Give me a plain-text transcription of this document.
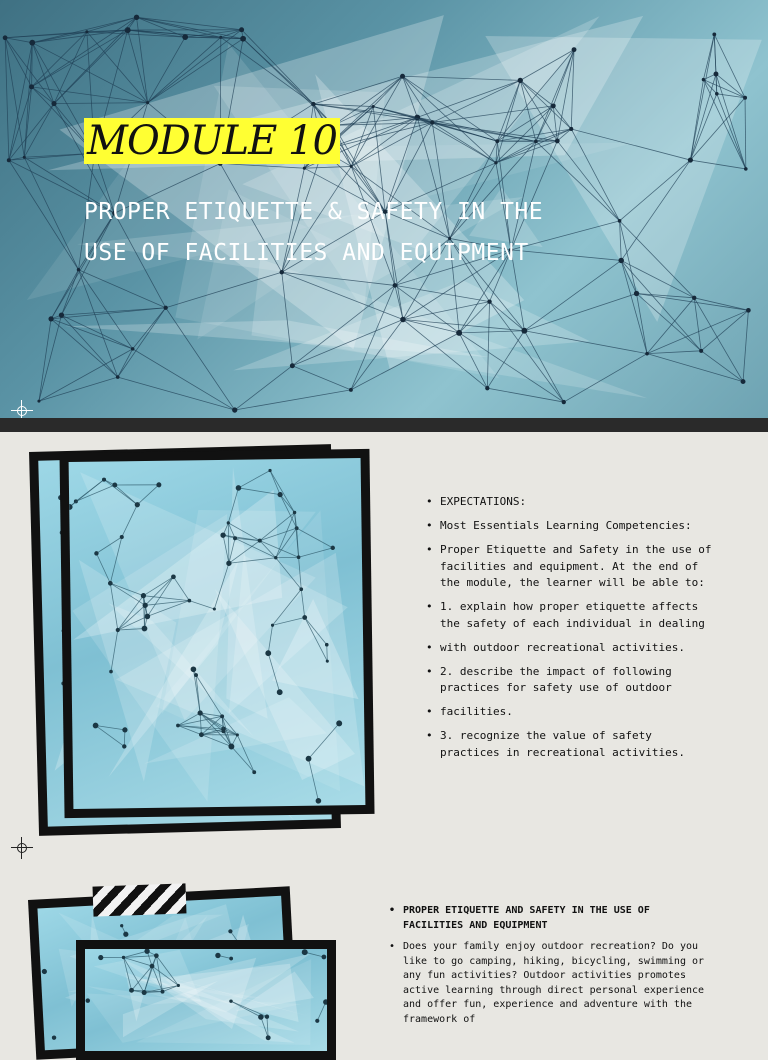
MODULE 10
PROPER ETIQUETTE & SAFETY IN THE
USE OF FACILITIES AND EQUIPMENT
• EXPECTATIONS:
• Most Essentials Learning Competencies:
• Proper Etiquette and Safety in the use of facilities and equipment. At the end of the module, the learner will be able to:
• 1. explain how proper etiquette affects the safety of each individual in dealing
• with outdoor recreational activities.
• 2. describe the impact of following practices for safety use of outdoor
• facilities.
• 3. recognize the value of safety practices in recreational activities.
• PROPER ETIQUETTE AND SAFETY IN THE USE OF FACILITIES AND EQUIPMENT
• Does your family enjoy outdoor recreation? Do you like to go camping, hiking, bicycling, swimming or any fun activities? Outdoor activities promotes active learning through direct personal experience and offer fun, experience and adventure with the framework of
